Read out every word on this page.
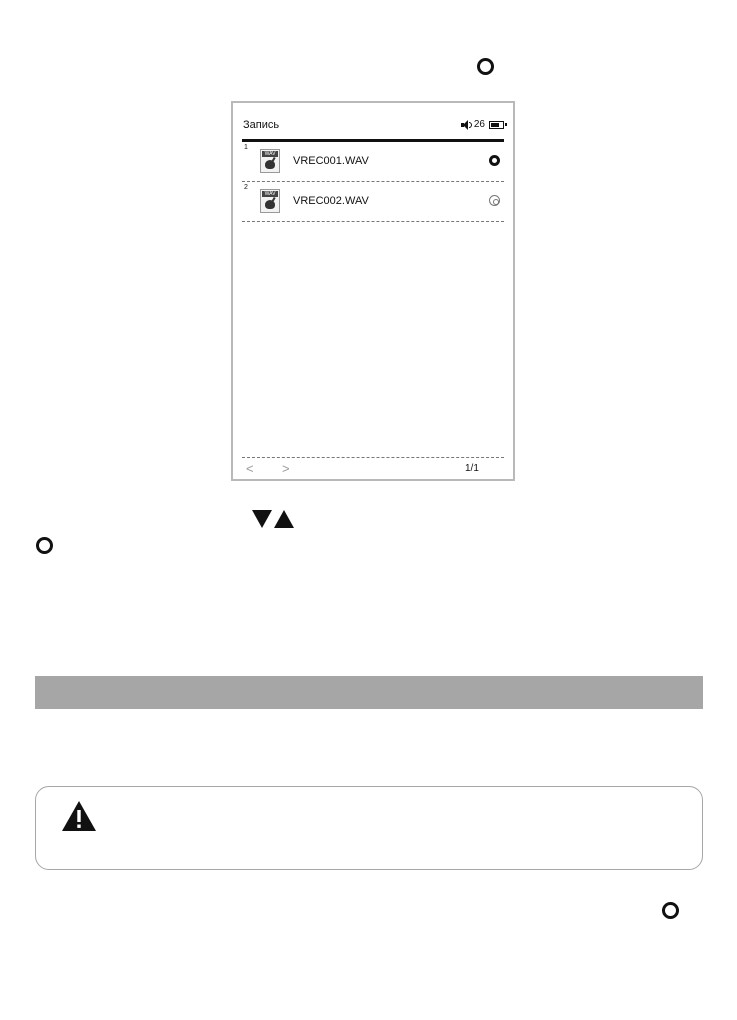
Запись	26
1
WAV
VREC001.WAV
2
WAV
VREC002.WAV
< >	1/1
